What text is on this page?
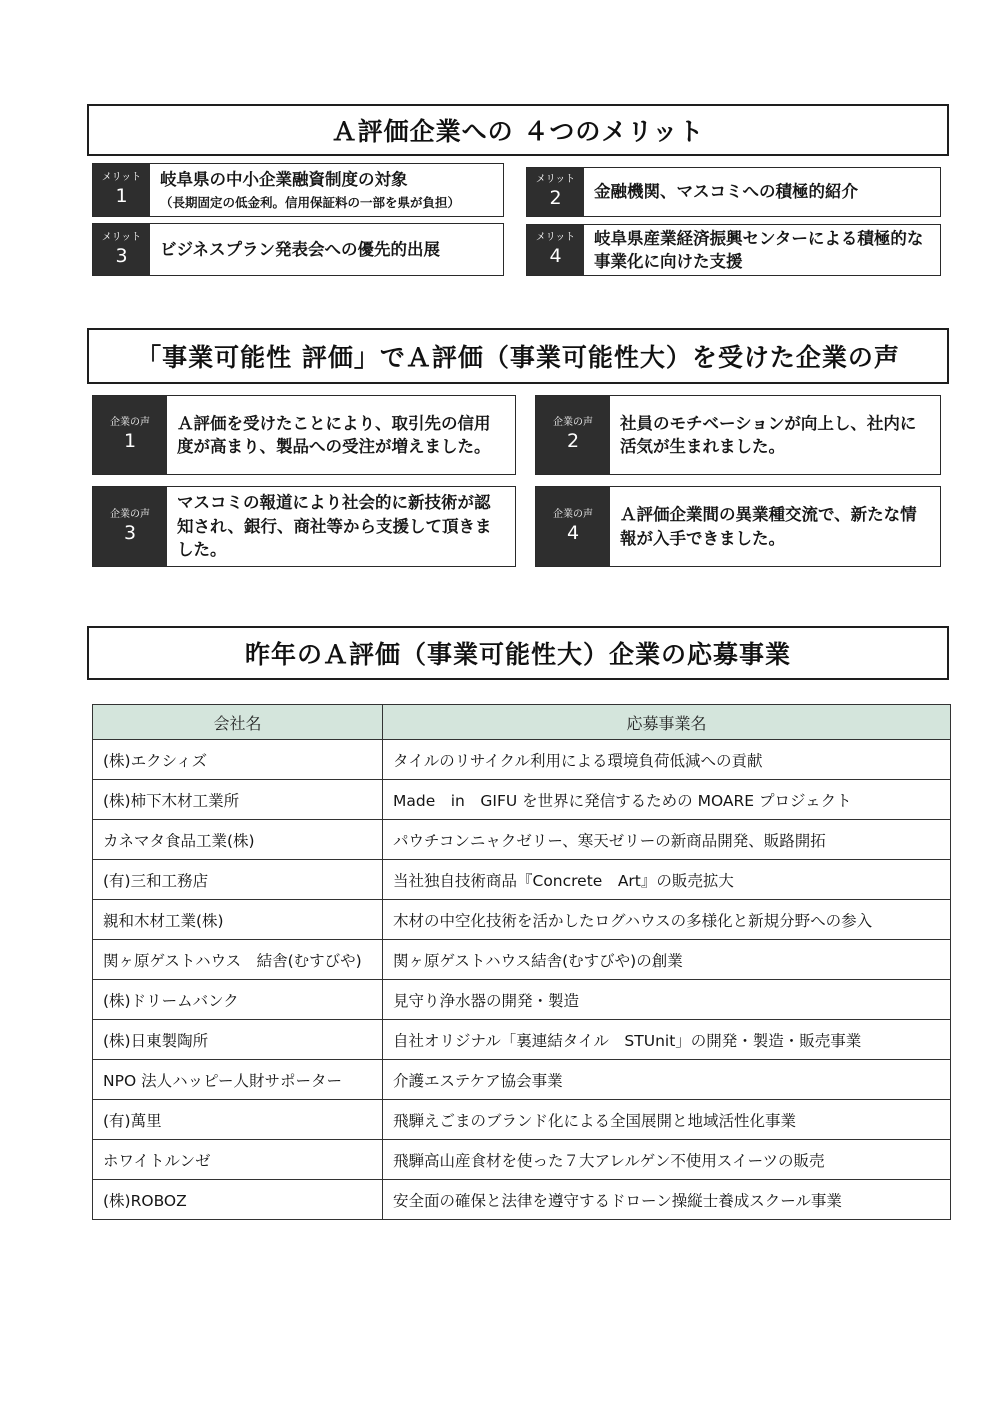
Ａ評価企業への ４つのメリット
メリット
1
岐阜県の中小企業融資制度の対象
（長期固定の低金利。信用保証料の一部を県が負担）
メリット
2 金融機関、マスコミへの積極的紹介
メリット
3 ビジネスプラン発表会への優先的出展
メリット
4
岐阜県産業経済振興センターによる積極的な事業化に向けた支援
「事業可能性 評価」でＡ評価（事業可能性大）を受けた企業の声
企業の声
1
Ａ評価を受けたことにより、取引先の信用度が高まり、製品への受注が増えました。
企業の声
2
社員のモチベーションが向上し、社内に活気が生まれました。
企業の声
3
マスコミの報道により社会的に新技術が認知され、銀行、商社等から支援して頂きました。
企業の声
4
Ａ評価企業間の異業種交流で、新たな情報が入手できました。
昨年のＡ評価（事業可能性大）企業の応募事業
会社名	応募事業名
(株)エクシィズ	タイルのリサイクル利用による環境負荷低減への貢献
(株)柿下木材工業所	Made　in　GIFU を世界に発信するための MOARE プロジェクト
カネマタ食品工業(株)	パウチコンニャクゼリー、寒天ゼリーの新商品開発、販路開拓
(有)三和工務店	当社独自技術商品『Concrete　Art』の販売拡大
親和木材工業(株)	木材の中空化技術を活かしたログハウスの多様化と新規分野への参入
関ヶ原ゲストハウス　結舎(むすびや)	関ヶ原ゲストハウス結舎(むすびや)の創業
(株)ドリームバンク	見守り浄水器の開発・製造
(株)日東製陶所	自社オリジナル「裏連結タイル　STUnit」の開発・製造・販売事業
NPO 法人ハッピー人財サポーター	介護エステケア協会事業
(有)萬里	飛騨えごまのブランド化による全国展開と地域活性化事業
ホワイトルンゼ	飛騨高山産食材を使った７大アレルゲン不使用スイーツの販売
(株)ROBOZ	安全面の確保と法律を遵守するドローン操縦士養成スクール事業
